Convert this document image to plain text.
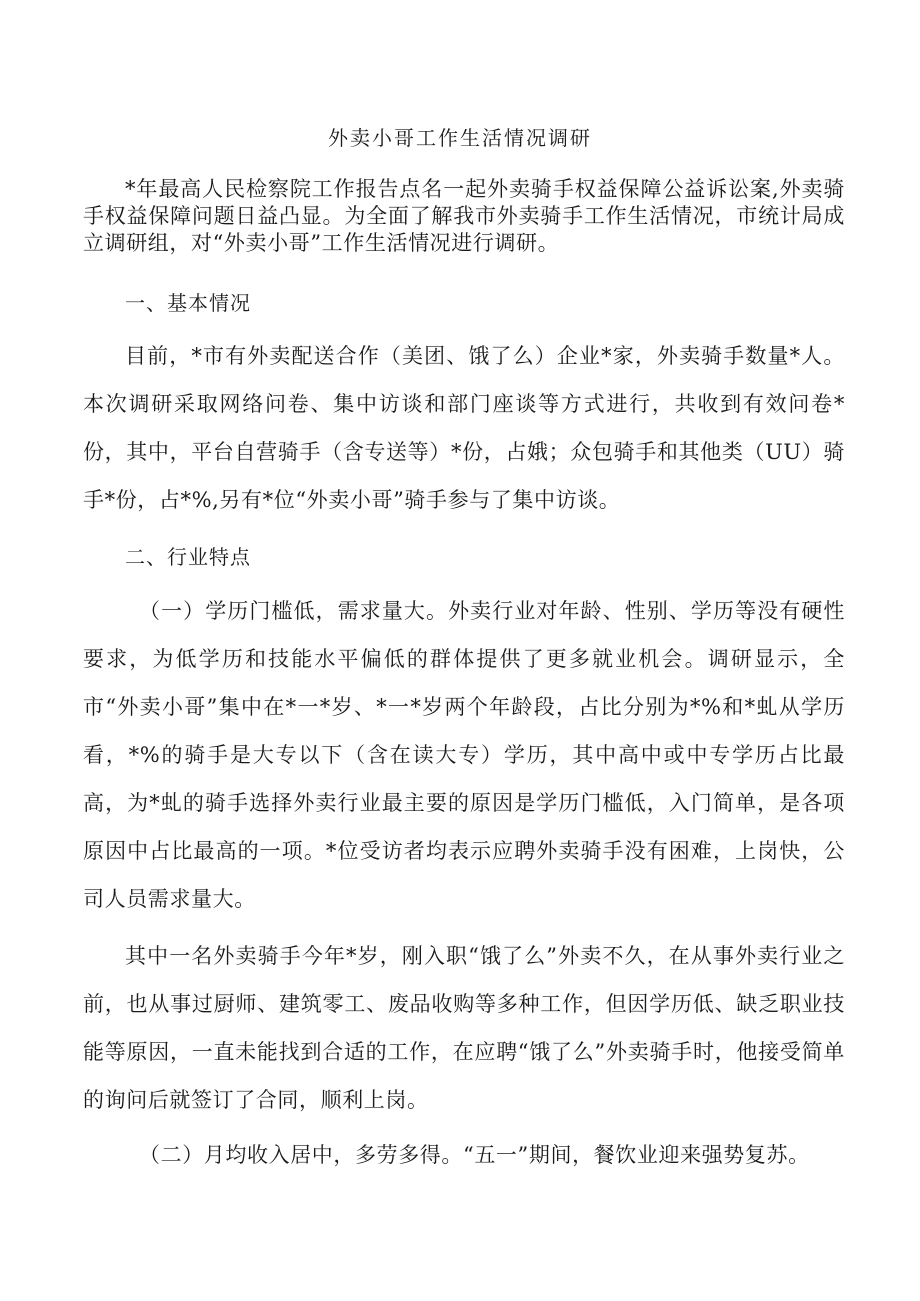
外卖小哥工作生活情况调研

*年最高人民检察院工作报告点名一起外卖骑手权益保障公益诉讼案,外卖骑手权益保障问题日益凸显。为全面了解我市外卖骑手工作生活情况，市统计局成立调研组，对“外卖小哥”工作生活情况进行调研。

一、基本情况

目前，*市有外卖配送合作（美团、饿了么）企业*家，外卖骑手数量*人。本次调研采取网络问卷、集中访谈和部门座谈等方式进行，共收到有效问卷*份，其中，平台自营骑手（含专送等）*份，占娥；众包骑手和其他类（UU）骑手*份，占*%,另有*位“外卖小哥”骑手参与了集中访谈。

二、行业特点

（一）学历门槛低，需求量大。外卖行业对年龄、性别、学历等没有硬性要求，为低学历和技能水平偏低的群体提供了更多就业机会。调研显示，全市“外卖小哥”集中在*一*岁、*一*岁两个年龄段，占比分别为*%和*虬从学历看，*%的骑手是大专以下（含在读大专）学历，其中高中或中专学历占比最高，为*虬的骑手选择外卖行业最主要的原因是学历门槛低，入门简单，是各项原因中占比最高的一项。*位受访者均表示应聘外卖骑手没有困难，上岗快，公司人员需求量大。

其中一名外卖骑手今年*岁，刚入职“饿了么”外卖不久，在从事外卖行业之前，也从事过厨师、建筑零工、废品收购等多种工作，但因学历低、缺乏职业技能等原因，一直未能找到合适的工作，在应聘“饿了么”外卖骑手时，他接受简单的询问后就签订了合同，顺利上岗。

（二）月均收入居中，多劳多得。“五一”期间，餐饮业迎来强势复苏。
